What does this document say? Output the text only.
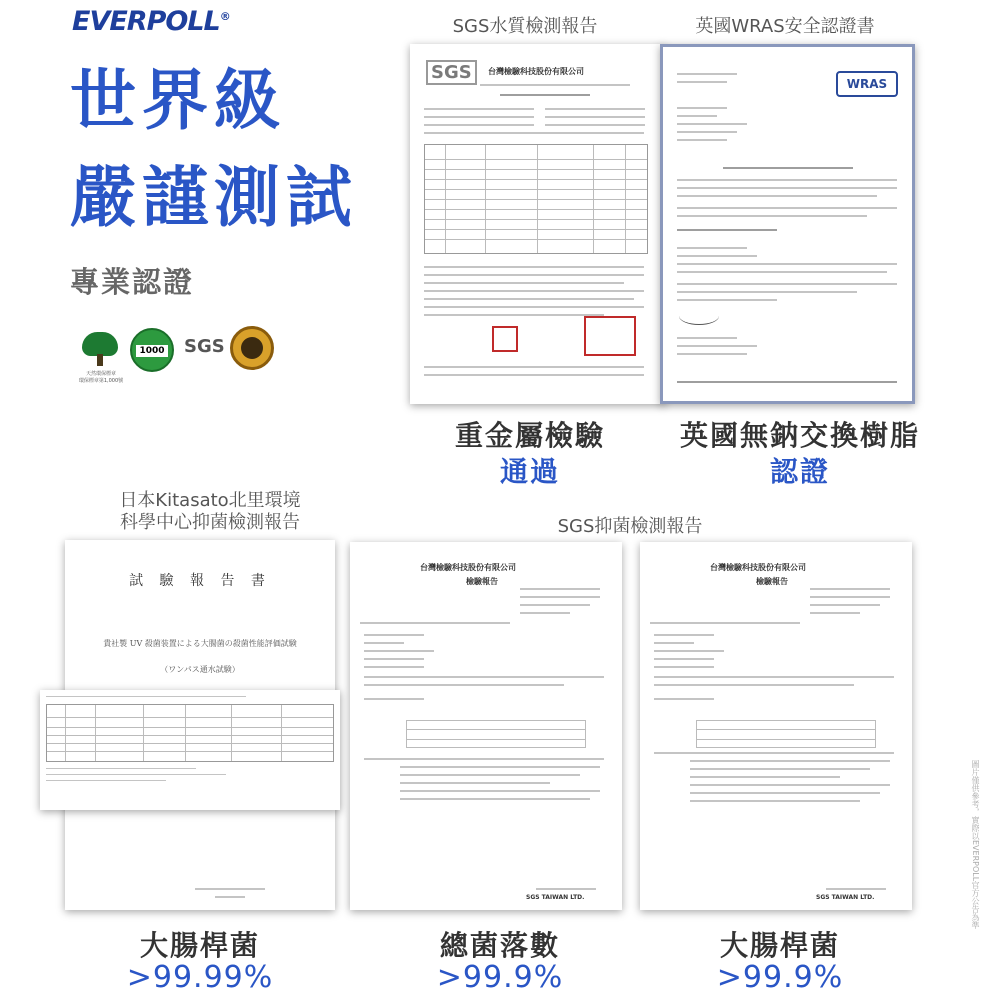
EVERPOLL®
世界級
嚴謹測試
專業認證
天然環保標章
環保標章第1,000號
1000 SGS
SGS水質檢測報告	英國WRAS安全認證書
SGS	台灣檢驗科技股份有限公司
WRAS
重金屬檢驗
通過
英國無鈉交換樹脂
認證
日本Kitasato北里環境
科學中心抑菌檢測報告	SGS抑菌檢測報告
試 驗 報 告 書
貴社製 UV 殺菌装置による大腸菌の殺菌性能評価試験
（ワンパス通水試験）
台灣檢驗科技股份有限公司
檢驗報告
SGS TAIWAN LTD.
台灣檢驗科技股份有限公司
檢驗報告
SGS TAIWAN LTD.
大腸桿菌
>99.99%
總菌落數
>99.9%
大腸桿菌
>99.9%
圖片僅供參考，實際以EVERPOLL官方公告為準
